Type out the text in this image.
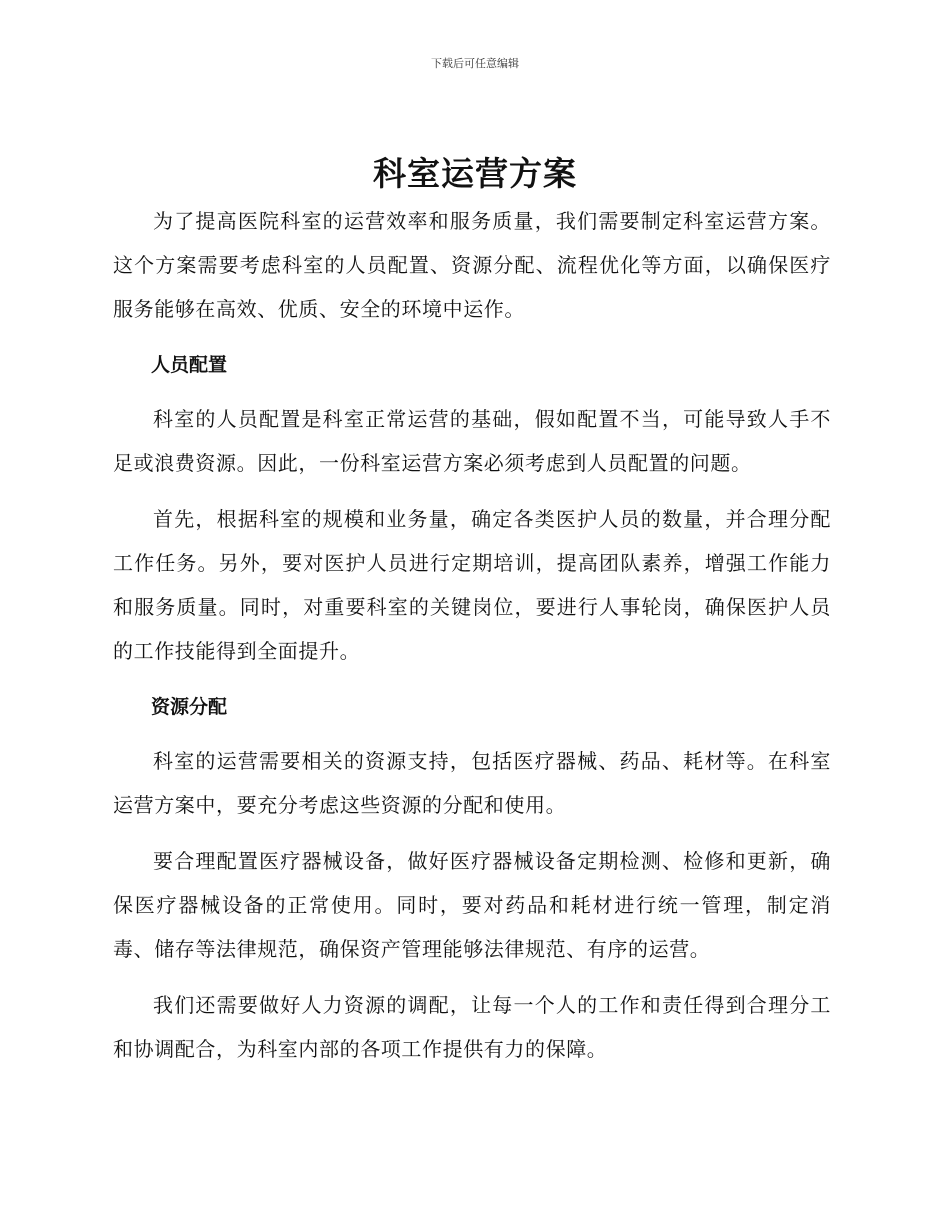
下载后可任意编辑
科室运营方案

为了提高医院科室的运营效率和服务质量，我们需要制定科室运营方案。这个方案需要考虑科室的人员配置、资源分配、流程优化等方面，以确保医疗服务能够在高效、优质、安全的环境中运作。

人员配置

科室的人员配置是科室正常运营的基础，假如配置不当，可能导致人手不足或浪费资源。因此，一份科室运营方案必须考虑到人员配置的问题。

首先，根据科室的规模和业务量，确定各类医护人员的数量，并合理分配工作任务。另外，要对医护人员进行定期培训，提高团队素养，增强工作能力和服务质量。同时，对重要科室的关键岗位，要进行人事轮岗，确保医护人员的工作技能得到全面提升。

资源分配

科室的运营需要相关的资源支持，包括医疗器械、药品、耗材等。在科室运营方案中，要充分考虑这些资源的分配和使用。

要合理配置医疗器械设备，做好医疗器械设备定期检测、检修和更新，确保医疗器械设备的正常使用。同时，要对药品和耗材进行统一管理，制定消毒、储存等法律规范，确保资产管理能够法律规范、有序的运营。

我们还需要做好人力资源的调配，让每一个人的工作和责任得到合理分工和协调配合，为科室内部的各项工作提供有力的保障。
